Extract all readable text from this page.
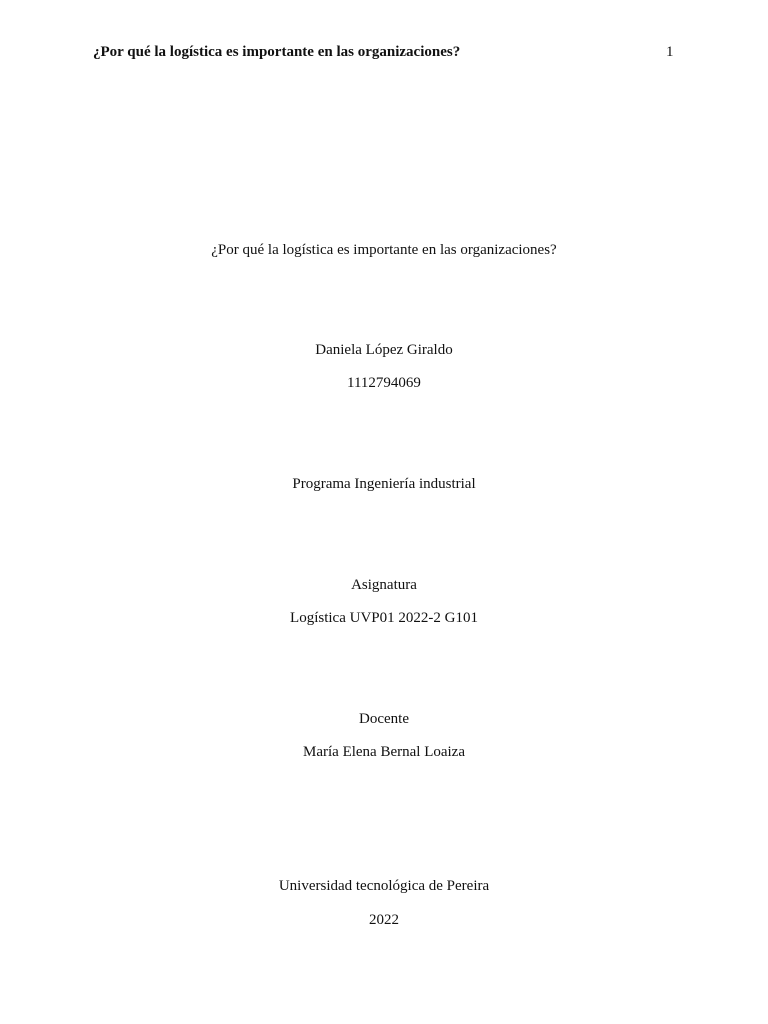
¿Por qué la logística es importante en las organizaciones?	1
¿Por qué la logística es importante en las organizaciones?
Daniela López Giraldo
1112794069
Programa Ingeniería industrial
Asignatura
Logística UVP01 2022-2 G101
Docente
María Elena Bernal Loaiza
Universidad tecnológica de Pereira
2022
